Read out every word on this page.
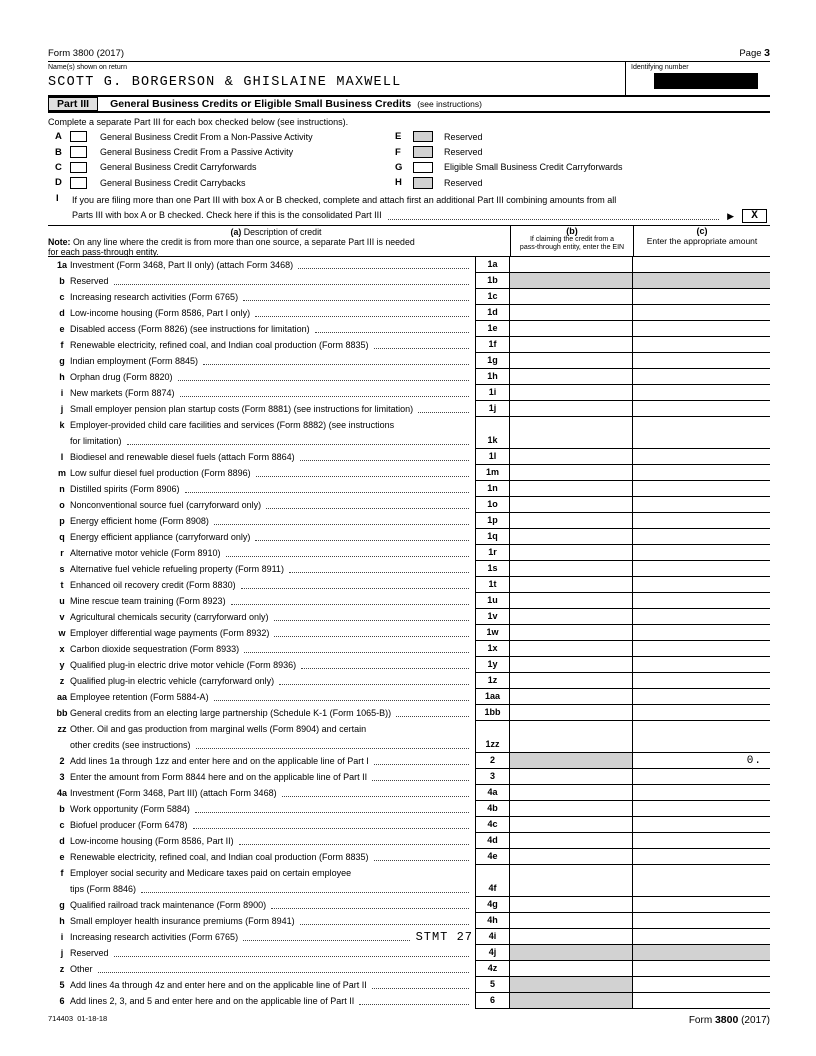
Form 3800 (2017)	Page 3
Name(s) shown on return
SCOTT G. BORGERSON & GHISLAINE MAXWELL
Identifying number
Part III	General Business Credits or Eligible Small Business Credits (see instructions)
Complete a separate Part III for each box checked below (see instructions).
A	General Business Credit From a Non-Passive Activity
B	General Business Credit From a Passive Activity
C	General Business Credit Carryforwards
D	General Business Credit Carrybacks
E	Reserved
F	Reserved
G	Eligible Small Business Credit Carryforwards
H	Reserved
I	If you are filing more than one Part III with box A or B checked, complete and attach first an additional Part III combining amounts from all
Parts III with box A or B checked. Check here if this is the consolidated Part III	▶	X
(a) Description of credit
Note: On any line where the credit is from more than one source, a separate Part III is needed
for each pass-through entity.
(b)
If claiming the credit from a
pass-through entity, enter the EIN
(c)
Enter the appropriate amount
1a Investment (Form 3468, Part II only) (attach Form 3468)	1a
b Reserved	1b
c Increasing research activities (Form 6765)	1c
d Low-income housing (Form 8586, Part I only)	1d
e Disabled access (Form 8826) (see instructions for limitation)	1e
f Renewable electricity, refined coal, and Indian coal production (Form 8835)	1f
g Indian employment (Form 8845)	1g
h Orphan drug (Form 8820)	1h
i New markets (Form 8874)	1i
j Small employer pension plan startup costs (Form 8881) (see instructions for limitation)	1j
k Employer-provided child care facilities and services (Form 8882) (see instructions
for limitation)	1k
l Biodiesel and renewable diesel fuels (attach Form 8864)	1l
m Low sulfur diesel fuel production (Form 8896)	1m
n Distilled spirits (Form 8906)	1n
o Nonconventional source fuel (carryforward only)	1o
p Energy efficient home (Form 8908)	1p
q Energy efficient appliance (carryforward only)	1q
r Alternative motor vehicle (Form 8910)	1r
s Alternative fuel vehicle refueling property (Form 8911)	1s
t Enhanced oil recovery credit (Form 8830)	1t
u Mine rescue team training (Form 8923)	1u
v Agricultural chemicals security (carryforward only)	1v
w Employer differential wage payments (Form 8932)	1w
x Carbon dioxide sequestration (Form 8933)	1x
y Qualified plug-in electric drive motor vehicle (Form 8936)	1y
z Qualified plug-in electric vehicle (carryforward only)	1z
aa Employee retention (Form 5884-A)	1aa
bb General credits from an electing large partnership (Schedule K-1 (Form 1065-B))	1bb
zz Other. Oil and gas production from marginal wells (Form 8904) and certain
other credits (see instructions)	1zz
2 Add lines 1a through 1zz and enter here and on the applicable line of Part I	2	0.
3 Enter the amount from Form 8844 here and on the applicable line of Part II	3
4a Investment (Form 3468, Part III) (attach Form 3468)	4a
b Work opportunity (Form 5884)	4b
c Biofuel producer (Form 6478)	4c
d Low-income housing (Form 8586, Part II)	4d
e Renewable electricity, refined coal, and Indian coal production (Form 8835)	4e
f Employer social security and Medicare taxes paid on certain employee
tips (Form 8846)	4f
g Qualified railroad track maintenance (Form 8900)	4g
h Small employer health insurance premiums (Form 8941)	4h
i Increasing research activities (Form 6765)	STMT 27	4i
j Reserved	4j
z Other	4z
5 Add lines 4a through 4z and enter here and on the applicable line of Part II	5
6 Add lines 2, 3, and 5 and enter here and on the applicable line of Part II	6
714403  01-18-18	Form 3800 (2017)
